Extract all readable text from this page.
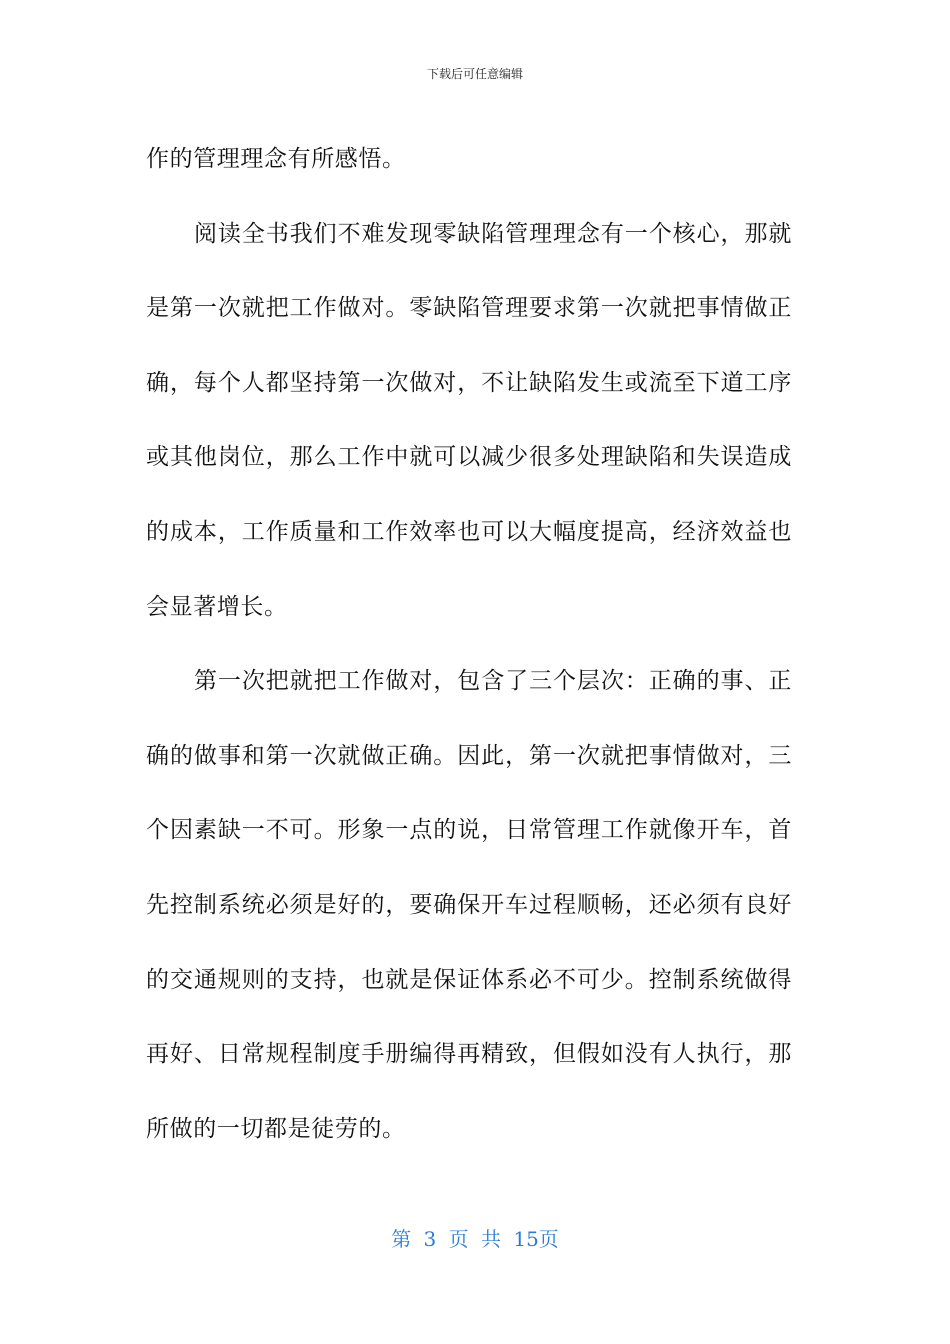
下载后可任意编辑

作的管理理念有所感悟。

阅读全书我们不难发现零缺陷管理理念有一个核心，那就是第一次就把工作做对。零缺陷管理要求第一次就把事情做正确，每个人都坚持第一次做对，不让缺陷发生或流至下道工序或其他岗位，那么工作中就可以减少很多处理缺陷和失误造成的成本，工作质量和工作效率也可以大幅度提高，经济效益也会显著增长。

第一次把就把工作做对，包含了三个层次：正确的事、正确的做事和第一次就做正确。因此，第一次就把事情做对，三个因素缺一不可。形象一点的说，日常管理工作就像开车，首先控制系统必须是好的，要确保开车过程顺畅，还必须有良好的交通规则的支持，也就是保证体系必不可少。控制系统做得再好、日常规程制度手册编得再精致，但假如没有人执行，那所做的一切都是徒劳的。

第 3 页 共 15页
